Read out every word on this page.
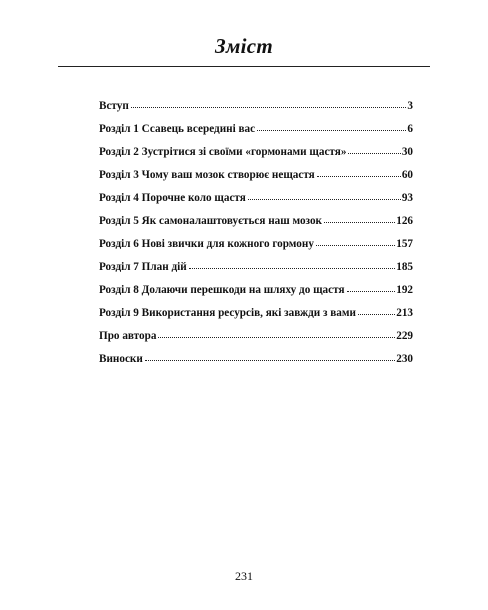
Зміст
Вступ	3
Розділ 1 Ссавець всередині вас	6
Розділ 2 Зустрітися зі своїми «гормонами щастя»	30
Розділ 3 Чому ваш мозок створює нещастя	60
Розділ 4 Порочне коло щастя	93
Розділ 5 Як самоналаштовується наш мозок	126
Розділ 6 Нові звички для кожного гормону	157
Розділ 7 План дій	185
Розділ 8 Долаючи перешкоди на шляху до щастя	192
Розділ 9 Використання ресурсів, які завжди з вами	213
Про автора	229
Виноски	230
231
